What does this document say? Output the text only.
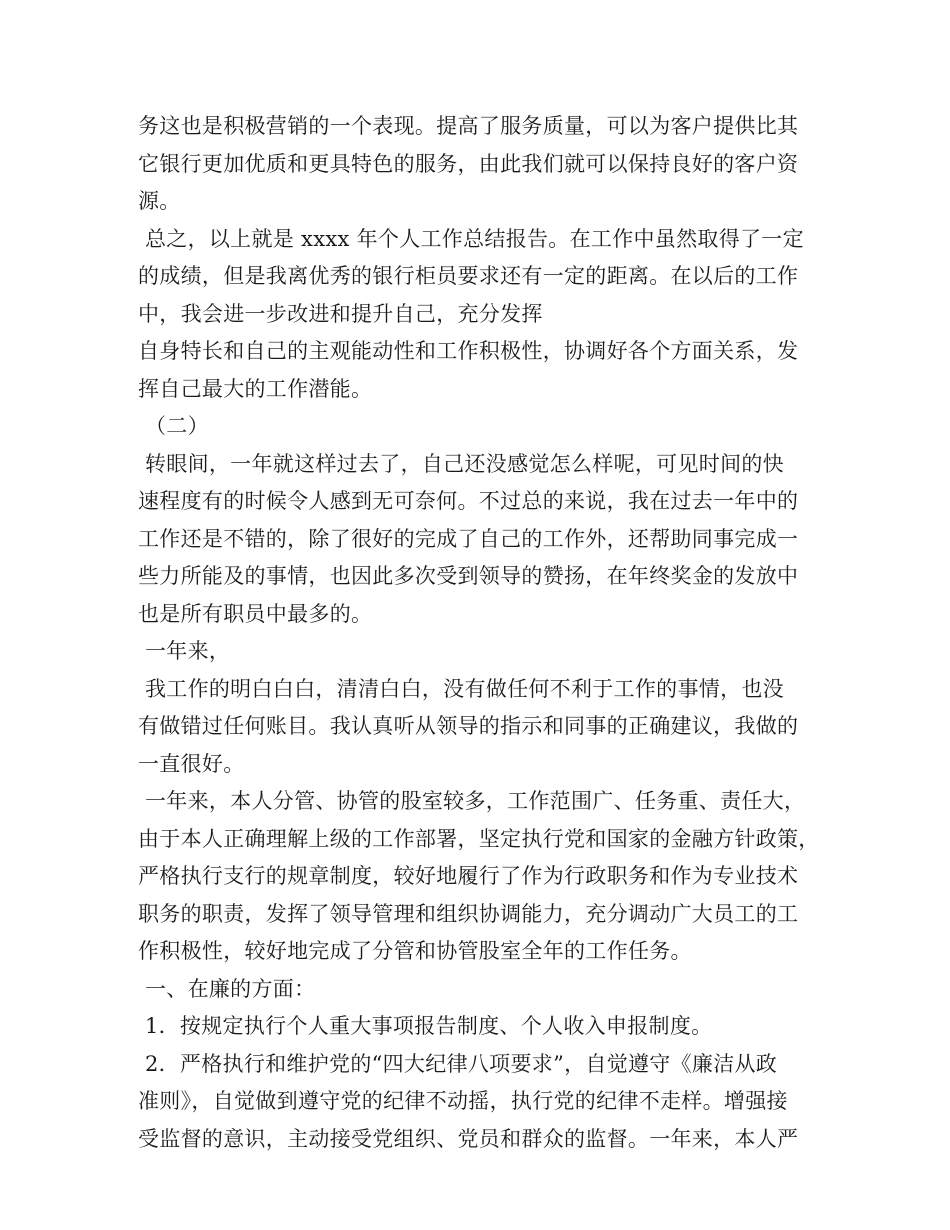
务这也是积极营销的一个表现。提高了服务质量，可以为客户提供比其
它银行更加优质和更具特色的服务，由此我们就可以保持良好的客户资
源。
总之，以上就是 xxxx 年个人工作总结报告。在工作中虽然取得了一定
的成绩，但是我离优秀的银行柜员要求还有一定的距离。在以后的工作
中，我会进一步改进和提升自己，充分发挥
自身特长和自己的主观能动性和工作积极性，协调好各个方面关系，发
挥自己最大的工作潜能。
（二）
转眼间，一年就这样过去了，自己还没感觉怎么样呢，可见时间的快
速程度有的时候令人感到无可奈何。不过总的来说，我在过去一年中的
工作还是不错的，除了很好的完成了自己的工作外，还帮助同事完成一
些力所能及的事情，也因此多次受到领导的赞扬，在年终奖金的发放中
也是所有职员中最多的。
一年来，
我工作的明白白白，清清白白，没有做任何不利于工作的事情，也没
有做错过任何账目。我认真听从领导的指示和同事的正确建议，我做的
一直很好。
一年来，本人分管、协管的股室较多，工作范围广、任务重、责任大，
由于本人正确理解上级的工作部署，坚定执行党和国家的金融方针政策，
严格执行支行的规章制度，较好地履行了作为行政职务和作为专业技术
职务的职责，发挥了领导管理和组织协调能力，充分调动广大员工的工
作积极性，较好地完成了分管和协管股室全年的工作任务。
一、在廉的方面：
1．按规定执行个人重大事项报告制度、个人收入申报制度。
2．严格执行和维护党的“四大纪律八项要求”，自觉遵守《廉洁从政
准则》，自觉做到遵守党的纪律不动摇，执行党的纪律不走样。增强接
受监督的意识，主动接受党组织、党员和群众的监督。一年来，本人严
